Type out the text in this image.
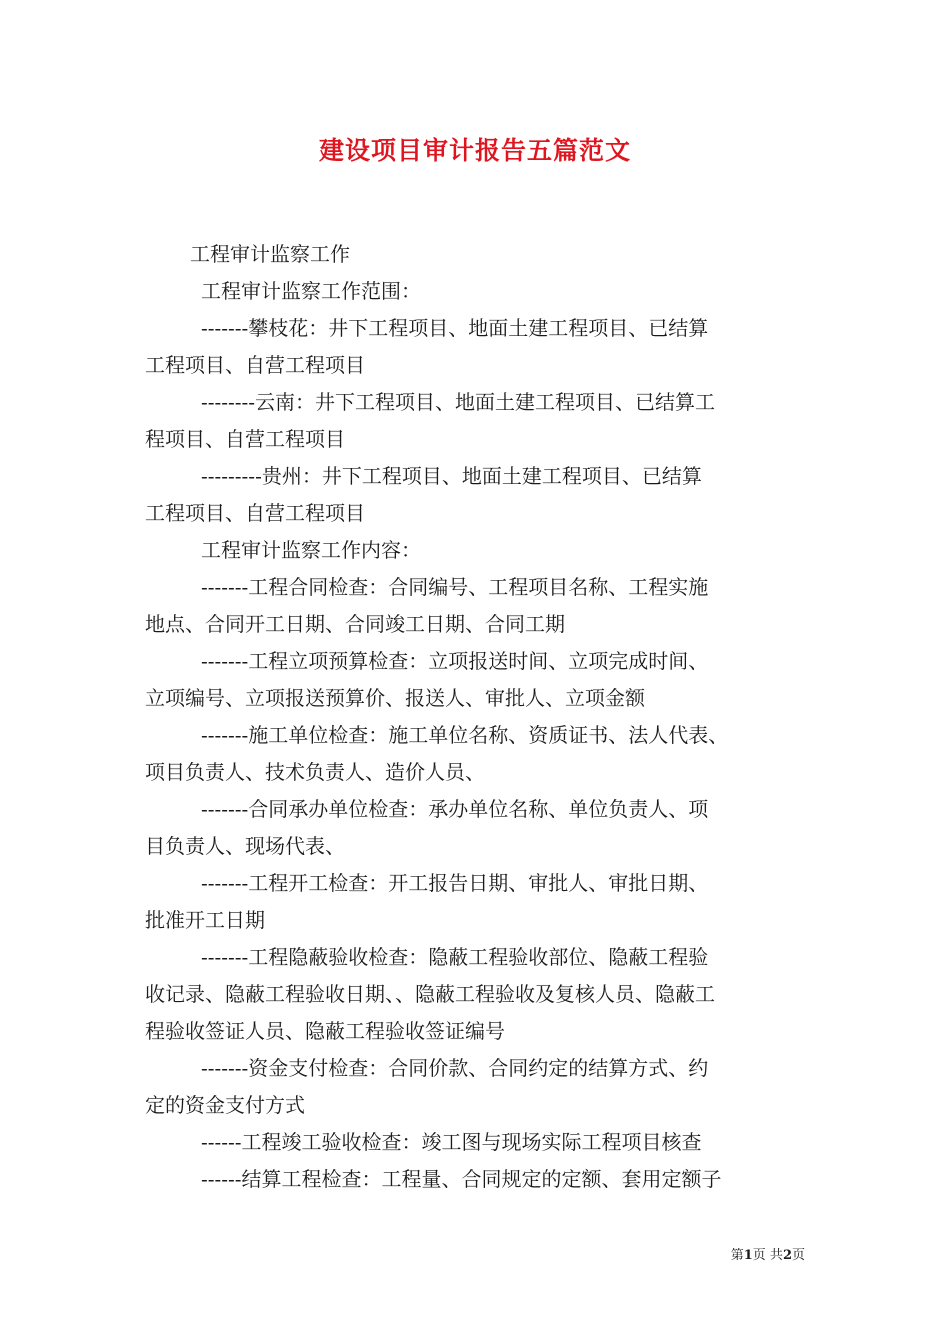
建设项目审计报告五篇范文
工程审计监察工作
工程审计监察工作范围：
-------攀枝花：井下工程项目、地面土建工程项目、已结算
工程项目、自营工程项目
--------云南：井下工程项目、地面土建工程项目、已结算工
程项目、自营工程项目
---------贵州：井下工程项目、地面土建工程项目、已结算
工程项目、自营工程项目
工程审计监察工作内容：
-------工程合同检查：合同编号、工程项目名称、工程实施
地点、合同开工日期、合同竣工日期、合同工期
-------工程立项预算检查：立项报送时间、立项完成时间、
立项编号、立项报送预算价、报送人、审批人、立项金额
-------施工单位检查：施工单位名称、资质证书、法人代表、
项目负责人、技术负责人、造价人员、
-------合同承办单位检查：承办单位名称、单位负责人、项
目负责人、现场代表、
-------工程开工检查：开工报告日期、审批人、审批日期、
批准开工日期
-------工程隐蔽验收检查：隐蔽工程验收部位、隐蔽工程验
收记录、隐蔽工程验收日期、、隐蔽工程验收及复核人员、隐蔽工
程验收签证人员、隐蔽工程验收签证编号
-------资金支付检查：合同价款、合同约定的结算方式、约
定的资金支付方式
------工程竣工验收检查：竣工图与现场实际工程项目核查
------结算工程检查：工程量、合同规定的定额、套用定额子
第1页 共2页
